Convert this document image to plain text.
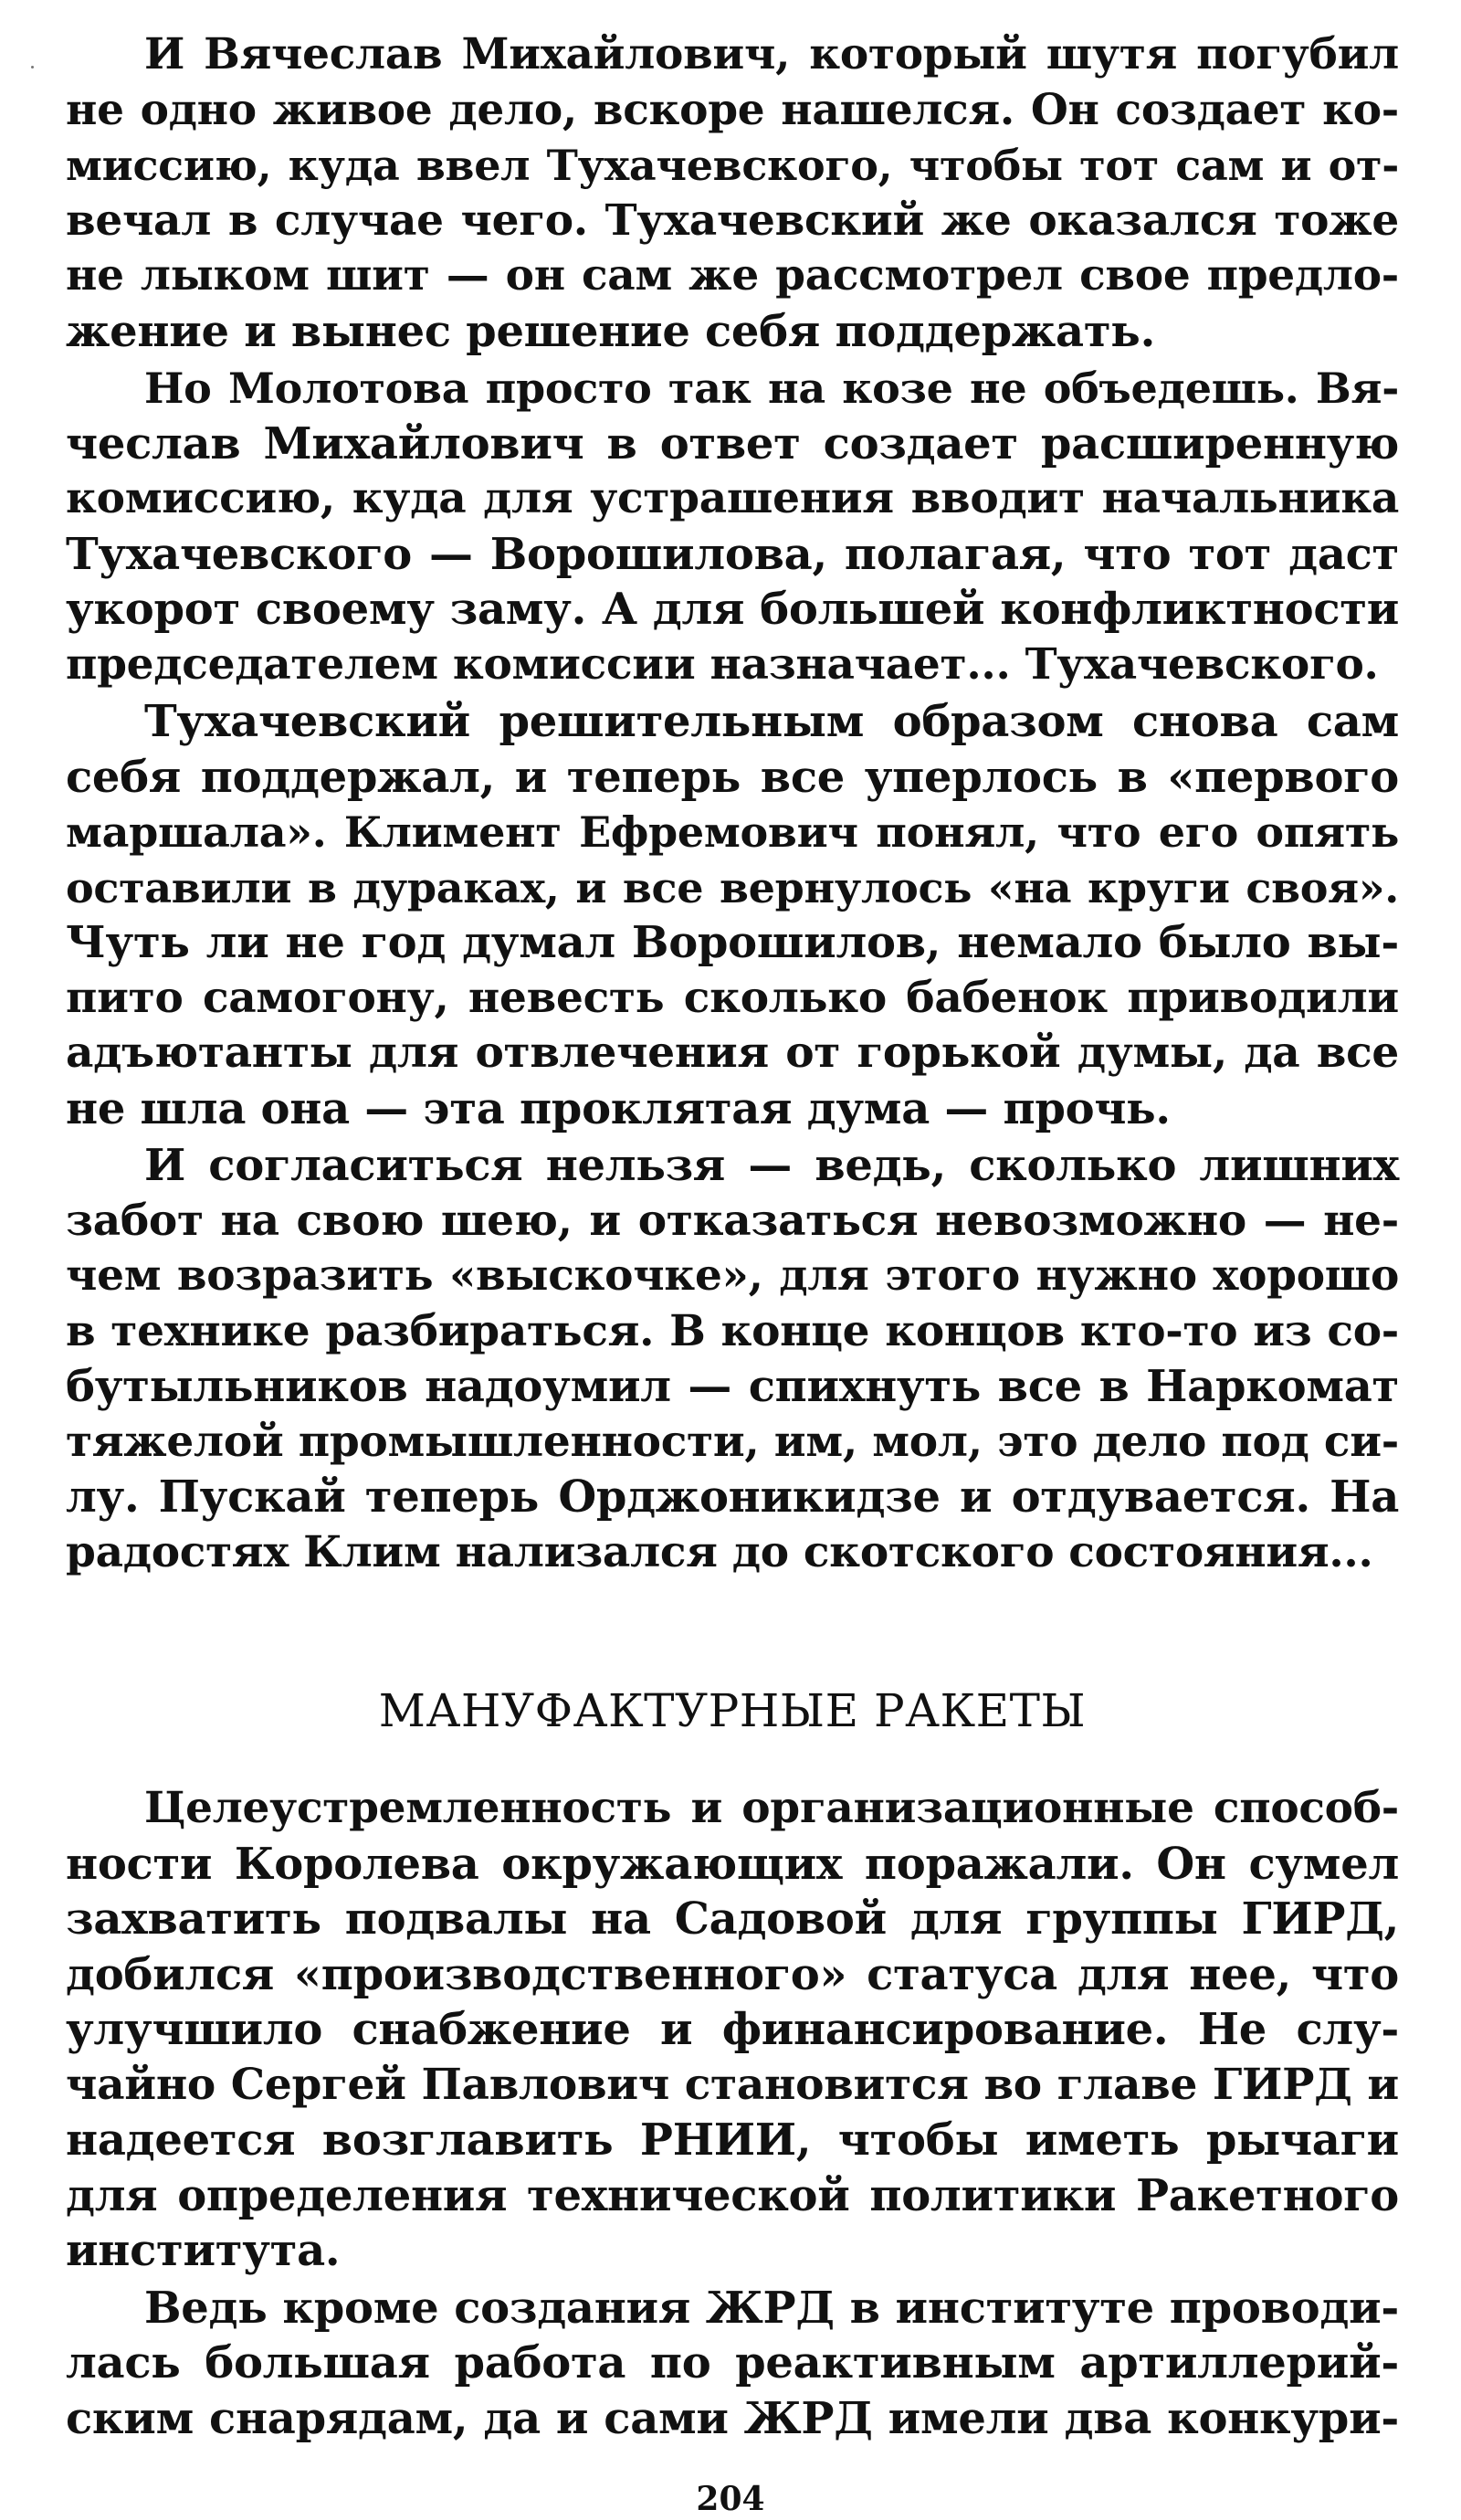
И Вячеслав Михайлович, который шутя погубил
не одно живое дело, вскоре нашелся. Он создает ко-
миссию, куда ввел Тухачевского, чтобы тот сам и от-
вечал в случае чего. Тухачевский же оказался тоже
не лыком шит — он сам же рассмотрел свое предло-
жение и вынес решение себя поддержать.
Но Молотова просто так на козе не объедешь. Вя-
чеслав Михайлович в ответ создает расширенную
комиссию, куда для устрашения вводит начальника
Тухачевского — Ворошилова, полагая, что тот даст
укорот своему заму. А для большей конфликтности
председателем комиссии назначает... Тухачевского.
Тухачевский решительным образом снова сам
себя поддержал, и теперь все уперлось в «первого
маршала». Климент Ефремович понял, что его опять
оставили в дураках, и все вернулось «на круги своя».
Чуть ли не год думал Ворошилов, немало было вы-
пито самогону, невесть сколько бабенок приводили
адъютанты для отвлечения от горькой думы, да все
не шла она — эта проклятая дума — прочь.
И согласиться нельзя — ведь, сколько лишних
забот на свою шею, и отказаться невозможно — не-
чем возразить «выскочке», для этого нужно хорошо
в технике разбираться. В конце концов кто-то из со-
бутыльников надоумил — спихнуть все в Наркомат
тяжелой промышленности, им, мол, это дело под си-
лу. Пускай теперь Орджоникидзе и отдувается. На
радостях Клим нализался до скотского состояния...
МАНУФАКТУРНЫЕ РАКЕТЫ
Целеустремленность и организационные способ-
ности Королева окружающих поражали. Он сумел
захватить подвалы на Садовой для группы ГИРД,
добился «производственного» статуса для нее, что
улучшило снабжение и финансирование. Не слу-
чайно Сергей Павлович становится во главе ГИРД и
надеется возглавить РНИИ, чтобы иметь рычаги
для определения технической политики Ракетного
института.
Ведь кроме создания ЖРД в институте проводи-
лась большая работа по реактивным артиллерий-
ским снарядам, да и сами ЖРД имели два конкури-
204
